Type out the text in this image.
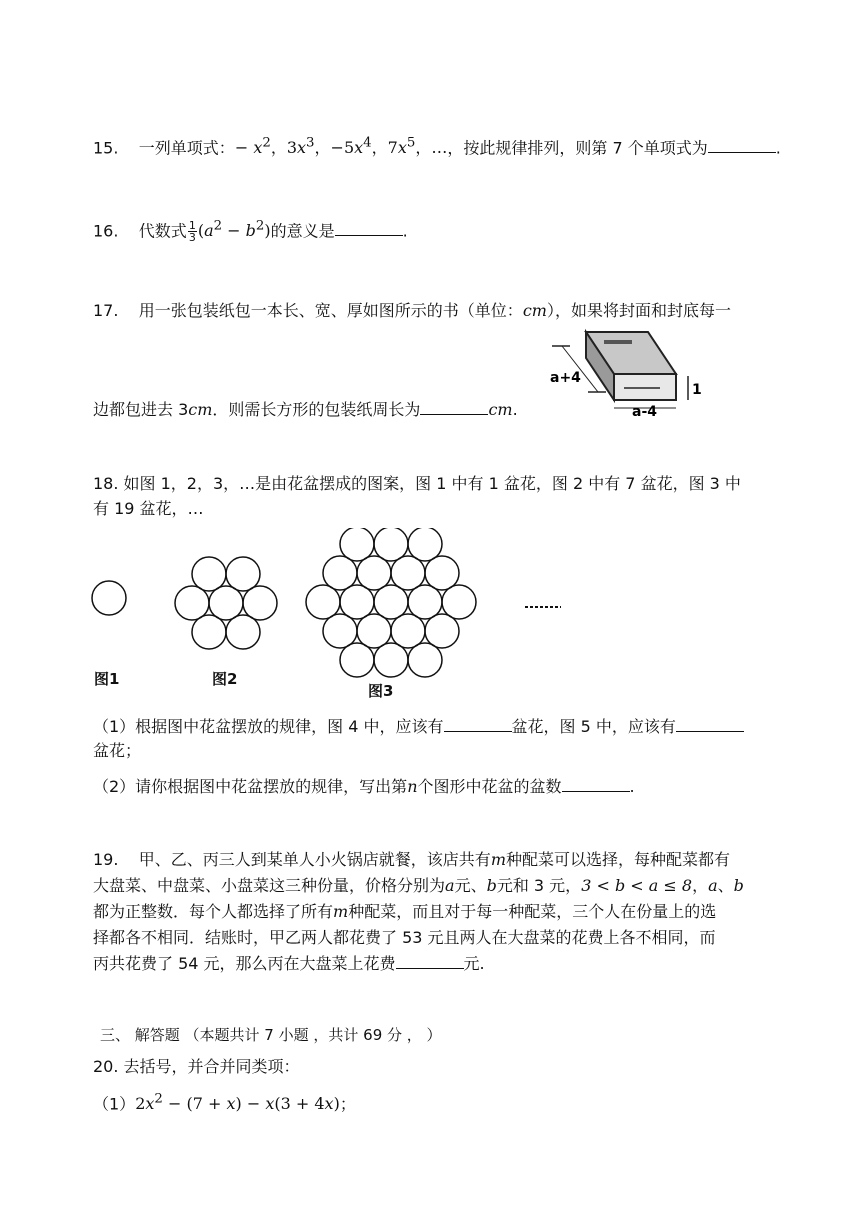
15. 一列单项式：− $x^2$，$3x^3$，$-5x^4$，$7x^5$，…，按此规律排列，则第 7 个单项式为	.
16. 代数式 $\frac{1}{3} (a^2 - b^2)$的意义是	.
17. 用一张包装纸包一本长、宽、厚如图所示的书（单位：cm），如果将封面和封底每一
边都包进去 3cm．则需长方形的包装纸周长为	cm.
a+4
1
a-4
18. 如图 1，2，3，…是由花盆摆成的图案，图 1 中有 1 盆花，图 2 中有 7 盆花，图 3 中
有 19 盆花，…
图1	图2
图3
（1）根据图中花盆摆放的规律，图 4 中，应该有	盆花，图 5 中，应该有
盆花；
（2）请你根据图中花盆摆放的规律，写出第n个图形中花盆的盆数	.
19. 甲、乙、丙三人到某单人小火锅店就餐，该店共有m种配菜可以选择，每种配菜都有
大盘菜、中盘菜、小盘菜这三种份量，价格分别为a元、b元和 3 元，3 < b < a ≤ 8，a、b
都为正整数．每个人都选择了所有m种配菜，而且对于每一种配菜，三个人在份量上的选
择都各不相同．结账时，甲乙两人都花费了 53 元且两人在大盘菜的花费上各不相同，而
丙共花费了 54 元，那么丙在大盘菜上花费	元.
三、 解答题 （本题共计 7 小题 ，共计 69 分 ， ）
20. 去括号，并合并同类项：
$(1)2x^2 - (7 + x) - x(3 + 4x)$；
